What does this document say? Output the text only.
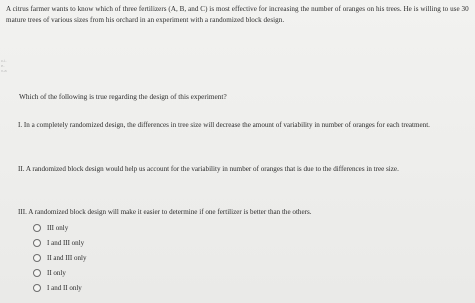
c-i-e-v-a
A citrus farmer wants to know which of three fertilizers (A, B, and C) is most effective for increasing the number of oranges on his trees. He is willing to use 30 mature trees of various sizes from his orchard in an experiment with a randomized block design.
Which of the following is true regarding the design of this experiment?
I. In a completely randomized design, the differences in tree size will decrease the amount of variability in number of oranges for each treatment.
II. A randomized block design would help us account for the variability in number of oranges that is due to the differences in tree size.
III. A randomized block design will make it easier to determine if one fertilizer is better than the others.
III only
I and III only
II and III only
II only
I and II only
